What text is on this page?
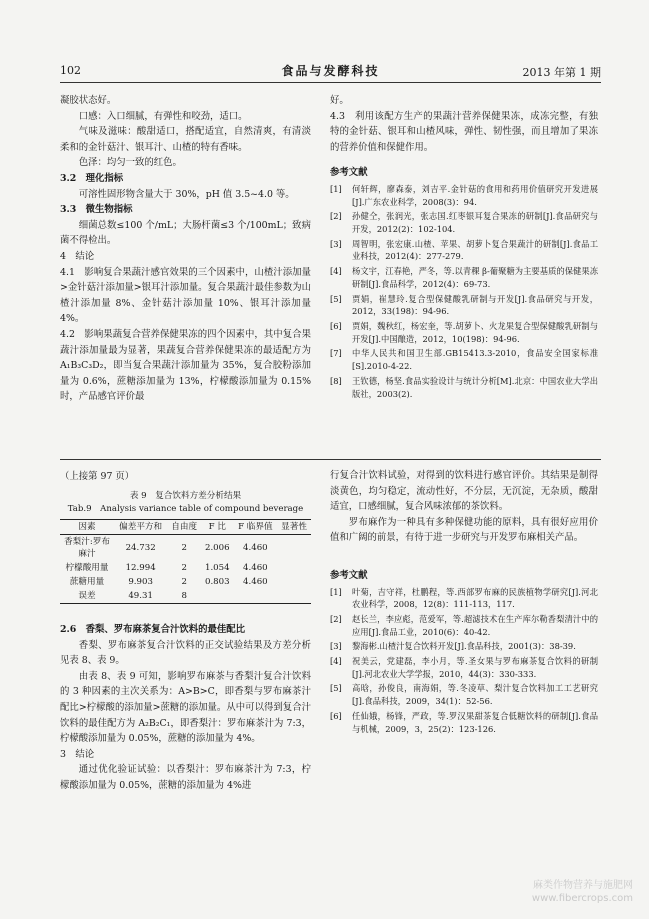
102	食品与发酵科技	2013 年第 1 期

凝胶状态好。

口感：入口细腻，有弹性和咬劲，适口。

气味及滋味：酸甜适口，搭配适宜，自然清爽，有清淡柔和的金针菇汁、银耳汁、山楂的特有香味。

色泽：均匀一致的红色。

3.2　理化指标

可溶性固形物含量大于 30%，pH 值 3.5~4.0 等。

3.3　微生物指标

细菌总数≤100 个/mL；大肠杆菌≤3 个/100mL；致病菌不得检出。

4　结论

4.1　影响复合果蔬汁感官效果的三个因素中，山楂汁添加量>金针菇汁添加量>银耳汁添加量。复合果蔬汁最佳参数为山楂汁添加量 8%、金针菇汁添加量 10%、银耳汁添加量 4%。

4.2　影响果蔬复合营养保健果冻的四个因素中，其中复合果蔬汁添加量最为显著，果蔬复合营养保健果冻的最适配方为 A₁B₃C₃D₂，即当复合果蔬汁添加量为 35%，复合胶粉添加量为 0.6%，蔗糖添加量为 13%，柠檬酸添加量为 0.15%时，产品感官评价最

好。

4.3　利用该配方生产的果蔬汁营养保健果冻，成冻完整，有独特的金针菇、银耳和山楂风味，弹性、韧性强，而且增加了果冻的营养价值和保健作用。

参考文献

[1]	何轩辉，廖森泰，刘吉平.金针菇的食用和药用价值研究开发进展[J].广东农业科学，2008(3)：94.
[2]	孙健仝，张润光，张志国.红枣银耳复合果冻的研制[J].食品研究与开发，2012(2)：102-104.
[3]	周智明，张宏康.山楂、苹果、胡萝卜复合果蔬汁的研制[J].食品工业科技，2012(4)：277-279.
[4]	杨文宇，江春艳，严冬，等.以青稞 β-葡聚糖为主要基质的保健果冻研制[J].食品科学，2012(4)：69-73.
[5]	贾娟，崔慧玲.复合型保健酸乳研制与开发[J].食品研究与开发，2012，33(198)：94-96.
[6]	贾娟，魏秋红，杨宏奎，等.胡萝卜、火龙果复合型保健酸乳研制与开发[J].中国酿造，2012，10(198)：94-96.
[7]	中华人民共和国卫生部.GB15413.3-2010，食品安全国家标准[S].2010-4-22.
[8]	王钦德，杨坚.食品实验设计与统计分析[M].北京：中国农业大学出版社，2003(2).
（上接第 97 页）
表 9　复合饮料方差分析结果
Tab.9　Analysis variance table of compound beverage
因素	偏差平方和	自由度	F 比	F 临界值	显著性
香梨汁:罗布麻汁	24.732	2	2.006	4.460	
柠檬酸用量	12.994	2	1.054	4.460	
蔗糖用量	9.903	2	0.803	4.460	
误差	49.31	8			

2.6　香梨、罗布麻茶复合汁饮料的最佳配比

香梨、罗布麻茶复合汁饮料的正交试验结果及方差分析见表 8、表 9。

由表 8、表 9 可知，影响罗布麻茶与香梨汁复合汁饮料的 3 种因素的主次关系为：A>B>C，即香梨与罗布麻茶汁配比>柠檬酸的添加量>蔗糖的添加量。从中可以得到复合汁饮料的最佳配方为 A₂B₂C₁，即香梨汁：罗布麻茶汁为 7:3，柠檬酸添加量为 0.05%，蔗糖的添加量为 4%。

3　结论

通过优化验证试验：以香梨汁：罗布麻茶汁为 7:3，柠檬酸添加量为 0.05%，蔗糖的添加量为 4%进

行复合汁饮料试验，对得到的饮料进行感官评价。其结果是制得淡黄色，均匀稳定，流动性好，不分层，无沉淀，无杂质，酸甜适宜，口感细腻，复合风味浓郁的茶饮料。

罗布麻作为一种具有多种保健功能的原料，具有很好应用价值和广阔的前景，有待于进一步研究与开发罗布麻相关产品。

参考文献

[1]	叶菊，吉守祥，杜鹏程，等.西部罗布麻的民族植物学研究[J].河北农业科学，2008，12(8)：111-113，117.
[2]	赵长兰，李应彪，范爱军，等.超滤技术在生产库尔勒香梨清汁中的应用[J].食品工业，2010(6)：40-42.
[3]	黎海彬.山楂汁复合饮料开发[J].食品科技，2001(3)：38-39.
[4]	祝美云，党建磊，李小月，等.圣女果与罗布麻茶复合饮料的研制[J].河北农业大学学报，2010，44(3)：330-333.
[5]	高晗，孙俊良，南海娟，等.冬凌草、梨汁复合饮料加工工艺研究[J].食品科技，2009，34(1)：52-56.
[6]	任仙娥，杨锋，严政，等.罗汉果甜茶复合低糖饮料的研制[J].食品与机械，2009，3，25(2)：123-126.
麻类作物营养与施肥网
www.fibercrops.com
